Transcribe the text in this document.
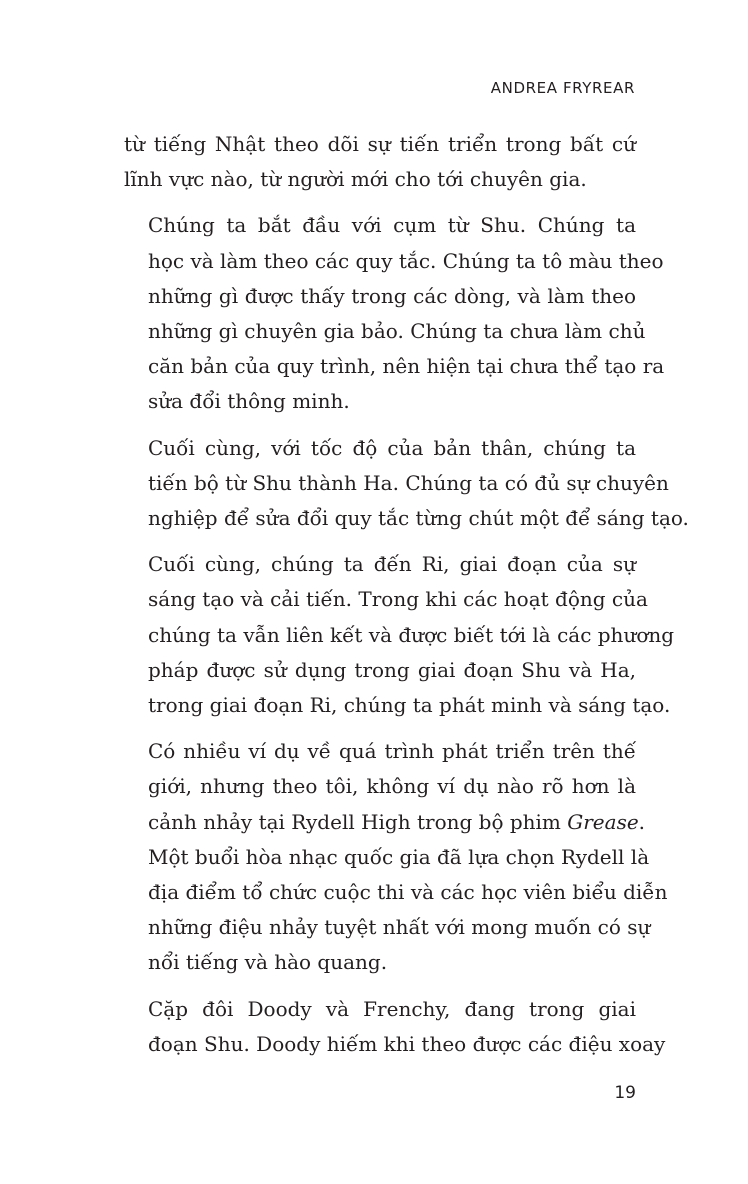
ANDREA FRYREAR

từ tiếng Nhật theo dõi sự tiến triển trong bất cứ
lĩnh vực nào, từ người mới cho tới chuyên gia.

Chúng ta bắt đầu với cụm từ Shu. Chúng ta
học và làm theo các quy tắc. Chúng ta tô màu theo
những gì được thấy trong các dòng, và làm theo
những gì chuyên gia bảo. Chúng ta chưa làm chủ
căn bản của quy trình, nên hiện tại chưa thể tạo ra
sửa đổi thông minh.

Cuối cùng, với tốc độ của bản thân, chúng ta
tiến bộ từ Shu thành Ha. Chúng ta có đủ sự chuyên
nghiệp để sửa đổi quy tắc từng chút một để sáng tạo.

Cuối cùng, chúng ta đến Ri, giai đoạn của sự
sáng tạo và cải tiến. Trong khi các hoạt động của
chúng ta vẫn liên kết và được biết tới là các phương
pháp được sử dụng trong giai đoạn Shu và Ha,
trong giai đoạn Ri, chúng ta phát minh và sáng tạo.

Có nhiều ví dụ về quá trình phát triển trên thế
giới, nhưng theo tôi, không ví dụ nào rõ hơn là
cảnh nhảy tại Rydell High trong bộ phim Grease.
Một buổi hòa nhạc quốc gia đã lựa chọn Rydell là
địa điểm tổ chức cuộc thi và các học viên biểu diễn
những điệu nhảy tuyệt nhất với mong muốn có sự
nổi tiếng và hào quang.

Cặp đôi Doody và Frenchy, đang trong giai
đoạn Shu. Doody hiếm khi theo được các điệu xoay

19
